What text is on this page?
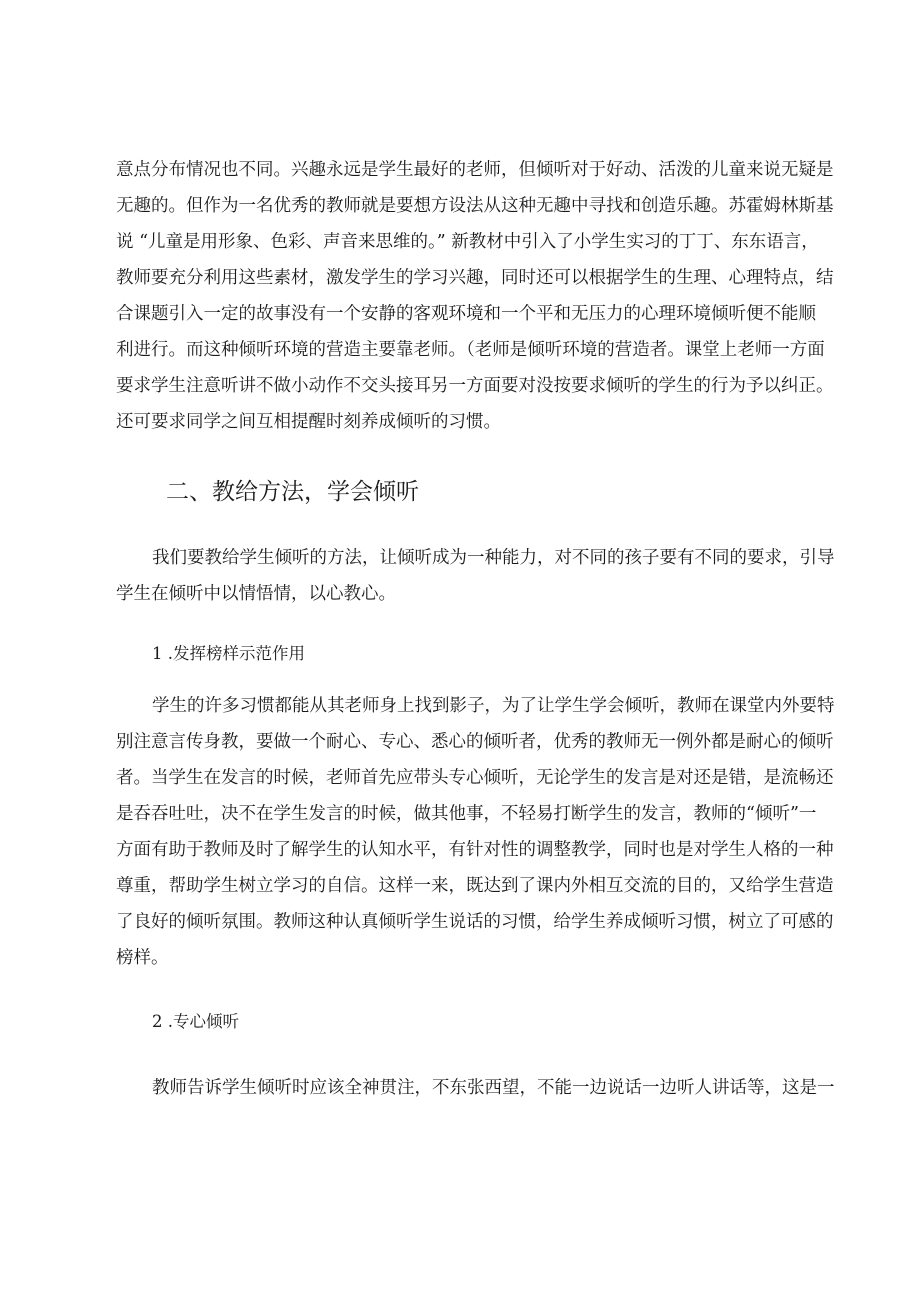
意点分布情况也不同。兴趣永远是学生最好的老师，但倾听对于好动、活泼的儿童来说无疑是
无趣的。但作为一名优秀的教师就是要想方设法从这种无趣中寻找和创造乐趣。苏霍姆林斯基
说 “儿童是用形象、色彩、声音来思维的。” 新教材中引入了小学生实习的丁丁、东东语言，
教师要充分利用这些素材，激发学生的学习兴趣，同时还可以根据学生的生理、心理特点，结
合课题引入一定的故事没有一个安静的客观环境和一个平和无压力的心理环境倾听便不能顺
利进行。而这种倾听环境的营造主要靠老师。（老师是倾听环境的营造者。课堂上老师一方面
要求学生注意听讲不做小动作不交头接耳另一方面要对没按要求倾听的学生的行为予以纠正。
还可要求同学之间互相提醒时刻养成倾听的习惯。
二、教给方法，学会倾听
我们要教给学生倾听的方法，让倾听成为一种能力，对不同的孩子要有不同的要求，引导
学生在倾听中以情悟情，以心教心。
1 .发挥榜样示范作用
学生的许多习惯都能从其老师身上找到影子，为了让学生学会倾听，教师在课堂内外要特
别注意言传身教，要做一个耐心、专心、悉心的倾听者，优秀的教师无一例外都是耐心的倾听
者。当学生在发言的时候，老师首先应带头专心倾听，无论学生的发言是对还是错，是流畅还
是吞吞吐吐，决不在学生发言的时候，做其他事，不轻易打断学生的发言，教师的“倾听”一
方面有助于教师及时了解学生的认知水平，有针对性的调整教学，同时也是对学生人格的一种
尊重，帮助学生树立学习的自信。这样一来，既达到了课内外相互交流的目的，又给学生营造
了良好的倾听氛围。教师这种认真倾听学生说话的习惯，给学生养成倾听习惯，树立了可感的
榜样。
2 .专心倾听
教师告诉学生倾听时应该全神贯注，不东张西望，不能一边说话一边听人讲话等，这是一
